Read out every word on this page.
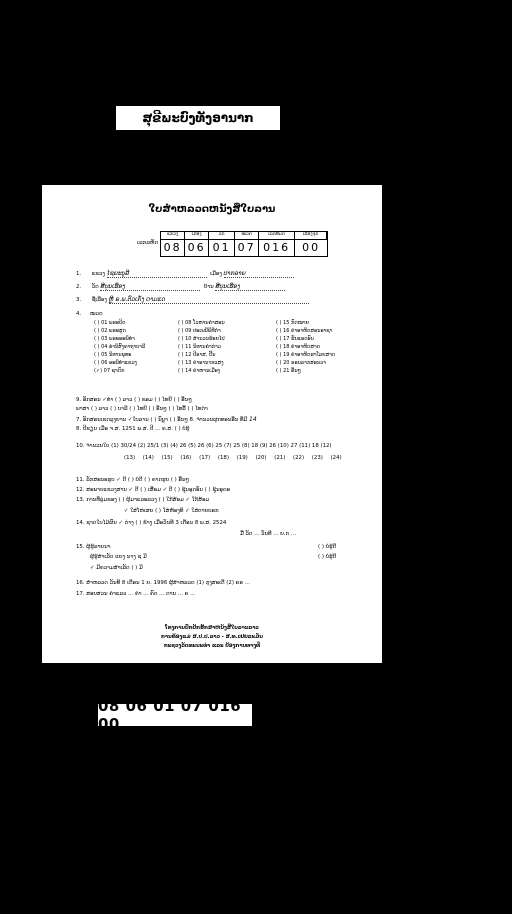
ສຸຂີພະບົງທັງອານາກ
ໃບສໍາຫລວດຫນັງສືໃບລານ
ເລກລຫັດ
ແຂວງ	ເມືອງ	ວັດ	ໝວດ	ເລກທີ່ມັດ	ເລືອງຈຸດ
08 06 01 07 016	00
1. ແຂວງ ໄຊຍະບູລີ	ເມືອງ ປາກລາຍ
2. ວັດ ສີບຸນເຮືອງ	ບ້ານ ສີບຸນເຮືອງ
3. ຊື່ເລື່ອງ ຫຼີ ຣ.ພ.ຕົວເກັງ ດາມແດ
4. ໝວດ
( ) 01 ພຣະປິດ	( ) 08 ໂວຫານຄຳສອນ	( ) 15 ກົດໝາຍ
( ) 02 ພຣະສູດ	( ) 09 ປະເພນີພິທີກໍາ	( ) 16 ຄຳອາຫິດສອນອາຊາ
( ) 03 ພຣະອະພິທຳ	( ) 10 ສໍານວນຮ້ອຍໄປ	( ) 17 ຮັນແອດອົບ
( ) 04 ອຳນິສົງຄາຖາບາລີ	( ) 11 ນິທານຄຳກ່າວ	( ) 18 ຄຳອາຫິດສາດ
( ) 05 ນິທານພຸທະ	( ) 12 ປີຣາສ, ປື້ນ	( ) 19 ຄຳອາຫິດຮາໂລຍສາດ
( ) 06 ອະພິທໍາແຂວງ	( ) 13 ຄຳອານາກແສງ	( ) 20 ຣອນລາກສອນວາ
(✓) 07 ຊາດົກ	( ) 14 ຄຳຫານເມືອງ	( ) 21 ອື່ນໆ
9. ອັກສອນ ✓ທໍາ ( ) ລາວ ( ) ຂອມ ( ) ໄທຍີ ( ) ອື່ນໆ
ພາສາ ( ) ລາວ ( ) ບາລີ ( ) ໄທຍີ ( ) ອື່ນໆ ( ) ໄທລື້ ( ) ໄທດຳ
7. ອັກສອນເຂດລຸງຍານ ✓ໃບລານ ( ) ນົບຼາ ( ) ອື່ນໆ 8. ຈຳນວນຜູກທອນອື່ນ ທີ່ມີ 14
8. ປີຂຽນ ເມື່ອ ຈ.ສ. 1251 ພ.ສ. ປີ ... ຄ.ສ. ( ) ບໍ່ຮູ້
10. ຈຳນວນໃບ (1) 30/24 (2) 25/1 (3) (4) 26 (5) 26 (6) 25 (7) 25 (8) 18 (9) 26 (10) 27 (11) 18 (12)
(13) (14) (15) (16) (17) (18) (19) (20) (21) (22) (23) (24)
11. ລັກສະນະຮູບ ✓ ດີ ( ) ບໍ່ດີ ( ) ຄາດຮູບ ( ) ອື່ນໆ
12. ສະພາບແຂວງສານ ✓ ດີ ( ) ເສື່ອມ ✓ ດີ ( ) ຊຸ້ນອຸດອັນ ( ) ຊຸ້ນອຸດອ
13. ການທີ່ລຸ່ມຂອງ ( ) ຜູ້ມາແລະລວງ ( ) ໃກ້ສ້ອມ ✓ ໃກ້ສ້ອມ
✓ ໃສ່ໂຫ່ເສຍ ( ) ໃສ່ຫ້ອງທິ ✓ ໃສ່ຕາຍບອກ
14. ຊາດໃບໄມ້ຜົນ ✓ ຕ່າງ ( ) ຂ້າງ ເມື່ອວັນທີ 3 ເດືອນ 8 ພ.ສ. 2524
ມື້ ວັດ ... ວັນທີ ... ຍ.ກ ...
15. ຜູ້ຮູ້ລາຍນາ	( ) ບໍ່ຮູ້ດີ
ຜູ້ຮູ້ສໍາເລັດ ແຍງ ນາງ ຊ ມີ	( ) ບໍ່ຮູ້ດີ
✓ ມີຄວາມສໍາເລັດ ( ) ມີ
16. ສໍາຫລວດ ວັນທີ 8 ເດືອນ 1 ຍ. 1996 ຜູ້ສໍາຫລວດ (1) ກຸງສະເຕີ່ (2) ຄຣ ...
17. ສອບສວນ ຄໍາແລວ ... ຄໍາ ... ຄົດ ... ດານ ... ຄ ...
ໂຄງການປົກປັກຮັກສາຫນັງສືໃບລານລາວ
ການທ້ອງແມ່ ສ.ປ.ປ.ລາວ - ສ.ທ.ເຢຍລະມັນ
ກະຊວງວັດທະນະທໍາ ແລະ ປ້ອງການທາງທີ່
08 06 01 07 016 00
